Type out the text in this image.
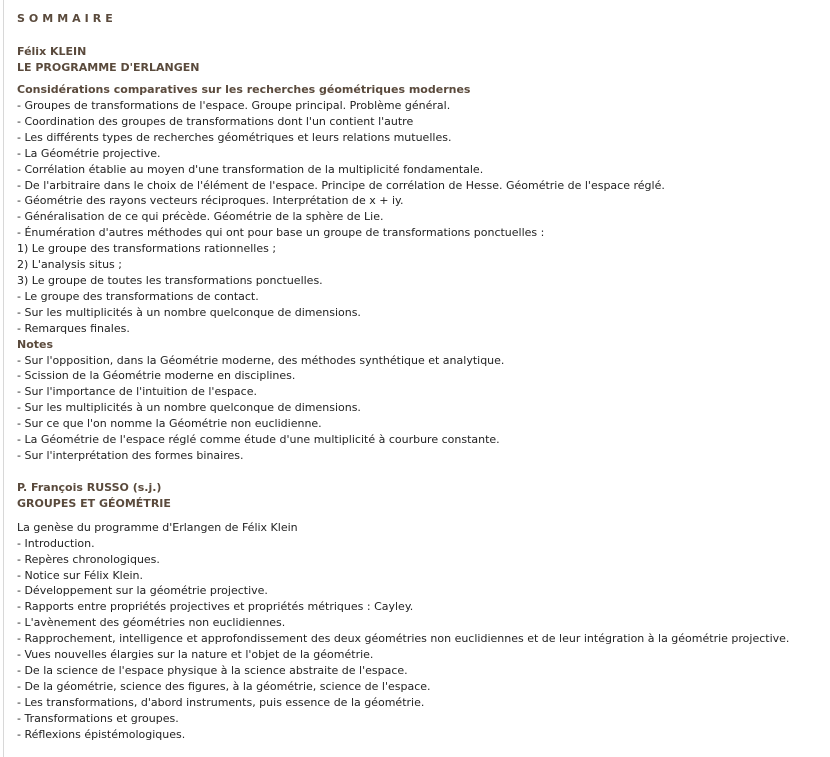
SOMMAIRE
Félix KLEIN
LE PROGRAMME D'ERLANGEN
Considérations comparatives sur les recherches géométriques modernes
- Groupes de transformations de l'espace. Groupe principal. Problème général.
- Coordination des groupes de transformations dont l'un contient l'autre
- Les différents types de recherches géométriques et leurs relations mutuelles.
- La Géométrie projective.
- Corrélation établie au moyen d'une transformation de la multiplicité fondamentale.
- De l'arbitraire dans le choix de l'élément de l'espace. Principe de corrélation de Hesse. Géométrie de l'espace réglé.
- Géométrie des rayons vecteurs réciproques. Interprétation de x + iy.
- Généralisation de ce qui précède. Géométrie de la sphère de Lie.
- Énumération d'autres méthodes qui ont pour base un groupe de transformations ponctuelles :
1) Le groupe des transformations rationnelles ;
2) L'analysis situs ;
3) Le groupe de toutes les transformations ponctuelles.
- Le groupe des transformations de contact.
- Sur les multiplicités à un nombre quelconque de dimensions.
- Remarques finales.
Notes
- Sur l'opposition, dans la Géométrie moderne, des méthodes synthétique et analytique.
- Scission de la Géométrie moderne en disciplines.
- Sur l'importance de l'intuition de l'espace.
- Sur les multiplicités à un nombre quelconque de dimensions.
- Sur ce que l'on nomme la Géométrie non euclidienne.
- La Géométrie de l'espace réglé comme étude d'une multiplicité à courbure constante.
- Sur l'interprétation des formes binaires.
P. François RUSSO (s.j.)
GROUPES ET GÉOMÉTRIE
La genèse du programme d'Erlangen de Félix Klein
- Introduction.
- Repères chronologiques.
- Notice sur Félix Klein.
- Développement sur la géométrie projective.
- Rapports entre propriétés projectives et propriétés métriques : Cayley.
- L'avènement des géométries non euclidiennes.
- Rapprochement, intelligence et approfondissement des deux géométries non euclidiennes et de leur intégration à la géométrie projective.
- Vues nouvelles élargies sur la nature et l'objet de la géométrie.
- De la science de l'espace physique à la science abstraite de l'espace.
- De la géométrie, science des figures, à la géométrie, science de l'espace.
- Les transformations, d'abord instruments, puis essence de la géométrie.
- Transformations et groupes.
- Réflexions épistémologiques.
